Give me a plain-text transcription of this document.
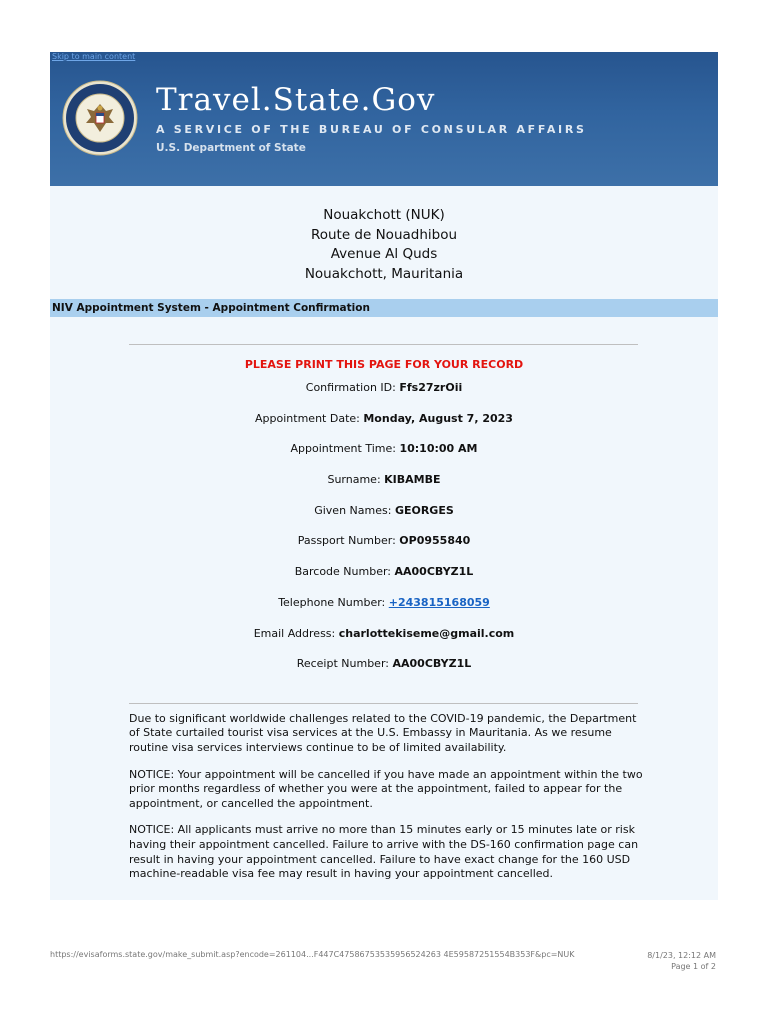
Skip to main content
Travel.State.Gov
A SERVICE OF THE BUREAU OF CONSULAR AFFAIRS
U.S. Department of State
Nouakchott (NUK)
Route de Nouadhibou
Avenue Al Quds
Nouakchott, Mauritania
NIV Appointment System - Appointment Confirmation
PLEASE PRINT THIS PAGE FOR YOUR RECORD
Confirmation ID: Ffs27zrOii
Appointment Date: Monday, August 7, 2023
Appointment Time: 10:10:00 AM
Surname: KIBAMBE
Given Names: GEORGES
Passport Number: OP0955840
Barcode Number: AA00CBYZ1L
Telephone Number: +243815168059
Email Address: charlottekiseme@gmail.com
Receipt Number: AA00CBYZ1L

Due to significant worldwide challenges related to the COVID-19 pandemic, the Department of State curtailed tourist visa services at the U.S. Embassy in Mauritania. As we resume routine visa services interviews continue to be of limited availability.

NOTICE: Your appointment will be cancelled if you have made an appointment within the two prior months regardless of whether you were at the appointment, failed to appear for the appointment, or cancelled the appointment.

NOTICE: All applicants must arrive no more than 15 minutes early or 15 minutes late or risk having their appointment cancelled. Failure to arrive with the DS-160 confirmation page can result in having your appointment cancelled. Failure to have exact change for the 160 USD machine-readable visa fee may result in having your appointment cancelled.

https://evisaforms.state.gov/make_submit.asp?encode=261104...F447C47586753535956524263 4E59587251554B353F&pc=NUK	8/1/23, 12:12 AM
Page 1 of 2
